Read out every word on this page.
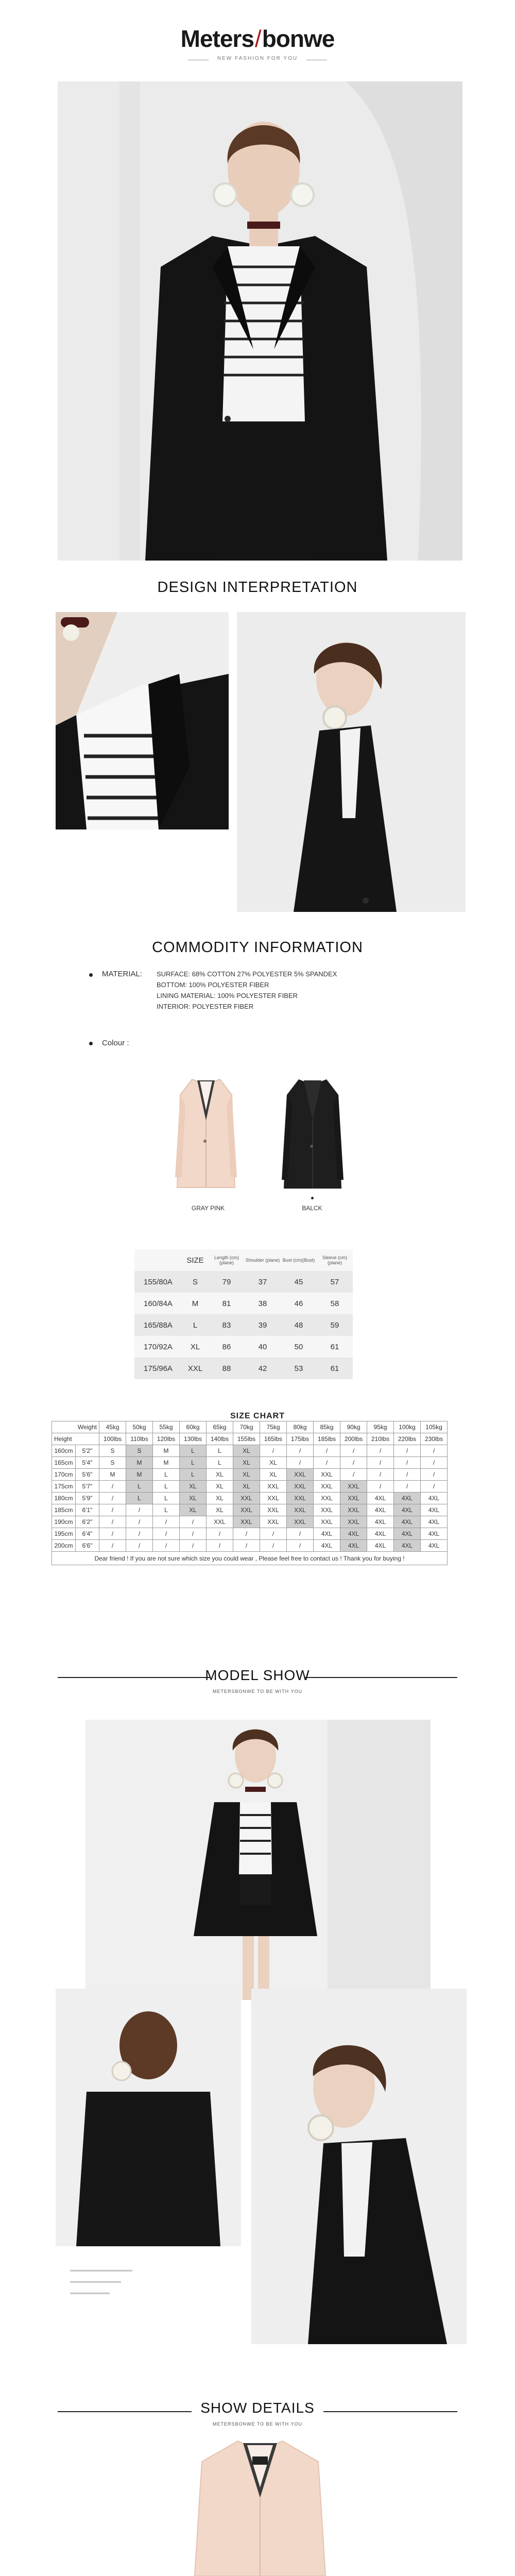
Meters/bonwe
NEW FASHION FOR YOU
DESIGN INTERPRETATION
COMMODITY INFORMATION
MATERIAL: SURFACE: 68% COTTON 27% POLYESTER 5% SPANDEX
BOTTOM: 100% POLYESTER FIBER
LINING MATERIAL: 100% POLYESTER FIBER
INTERIOR: POLYESTER FIBER
Colour :
GRAY PINK	BALCK
	SIZE	Length (cm)(plane)	Shoulder (plane)	Bust (cm)(Bust)	Sleeve (cm)(plane)
155/80A	S	79	37	45	57
160/84A	M	81	38	46	58
165/88A	L	83	39	48	59
170/92A	XL	86	40	50	61
175/96A	XXL	88	42	53	61
SIZE CHART
Weight		45kg	50kg	55kg	60kg	65kg	70kg	75kg	80kg	85kg	90kg	95kg	100kg	105kg
Height		100lbs	110lbs	120lbs	130lbs	140lbs	155lbs	165lbs	175lbs	185lbs	200lbs	210lbs	220lbs	230lbs
160cm	5'2"	S	S	M	L	L	XL	/	/	/	/	/	/	/
165cm	5'4"	S	M	M	L	L	XL	XL	/	/	/	/	/	/
170cm	5'6"	M	M	L	L	XL	XL	XL	XXL	XXL	/	/	/	/
175cm	5'7"	/	L	L	XL	XL	XL	XXL	XXL	XXL	XXL	/	/	/
180cm	5'9"	/	L	L	XL	XL	XXL	XXL	XXL	XXL	XXL	4XL	4XL	4XL
185cm	6'1"	/	/	L	XL	XL	XXL	XXL	XXL	XXL	XXL	4XL	4XL	4XL
190cm	6'2"	/	/	/	/	XXL	XXL	XXL	XXL	XXL	XXL	4XL	4XL	4XL
195cm	6'4"	/	/	/	/	/	/	/	/	4XL	4XL	4XL	4XL	4XL
200cm	6'6"	/	/	/	/	/	/	/	/	4XL	4XL	4XL	4XL	4XL
Dear friend ! If you are not sure which size you could wear , Please feel free to contact us ! Thank you for buying !														
MODEL SHOW
METERSBONWE TO BE WITH YOU
▬▬▬▬▬▬▬▬▬▬▬
▬▬▬▬▬▬▬▬▬
▬▬▬▬▬▬▬
SHOW DETAILS
METERSBONWE TO BE WITH YOU
